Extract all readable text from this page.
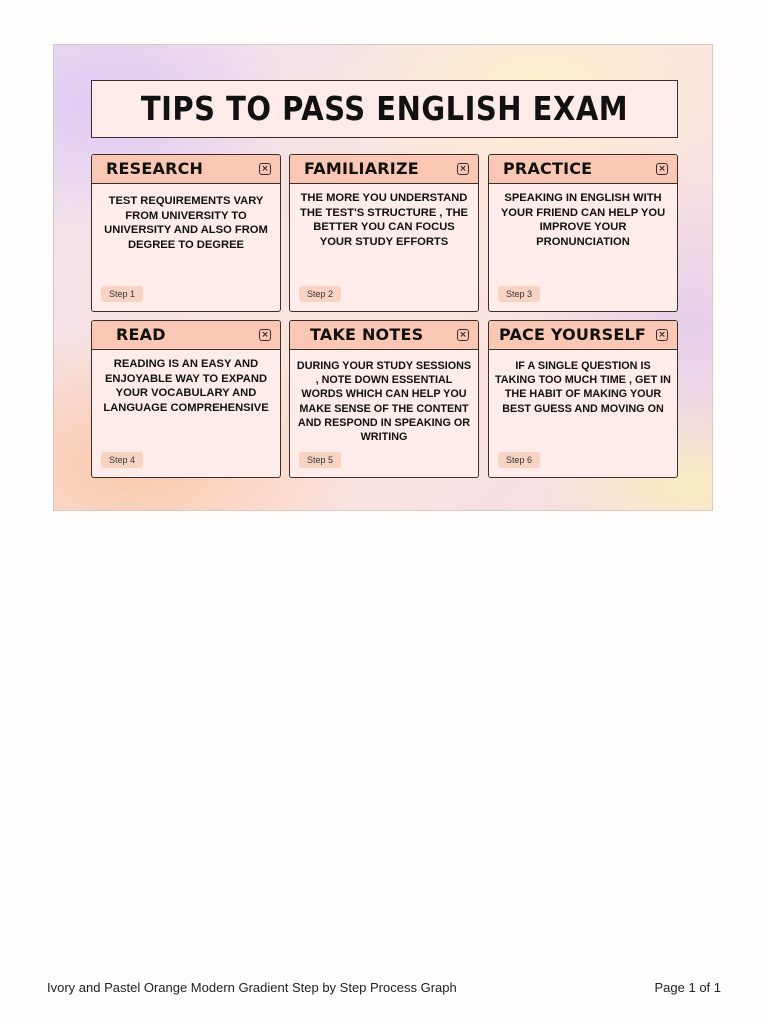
TIPS TO PASS ENGLISH EXAM
RESEARCH	×
TEST REQUIREMENTS VARY FROM UNIVERSITY TO UNIVERSITY AND ALSO FROM DEGREE TO DEGREE
Step 1
FAMILIARIZE	×
THE MORE YOU UNDERSTAND THE TEST'S STRUCTURE , THE BETTER YOU CAN FOCUS YOUR STUDY EFFORTS
Step 2
PRACTICE	×
SPEAKING IN ENGLISH WITH YOUR FRIEND CAN HELP YOU IMPROVE YOUR PRONUNCIATION
Step 3
READ	×
READING IS AN EASY AND ENJOYABLE WAY TO EXPAND YOUR VOCABULARY AND LANGUAGE COMPREHENSIVE
Step 4
TAKE NOTES	×
DURING YOUR STUDY SESSIONS , NOTE DOWN ESSENTIAL WORDS WHICH CAN HELP YOU MAKE SENSE OF THE CONTENT AND RESPOND IN SPEAKING OR WRITING
Step 5
PACE YOURSELF ×
IF A SINGLE QUESTION IS TAKING TOO MUCH TIME , GET IN THE HABIT OF MAKING YOUR BEST GUESS AND MOVING ON
Step 6
Ivory and Pastel Orange Modern Gradient Step by Step Process Graph	Page 1 of 1
